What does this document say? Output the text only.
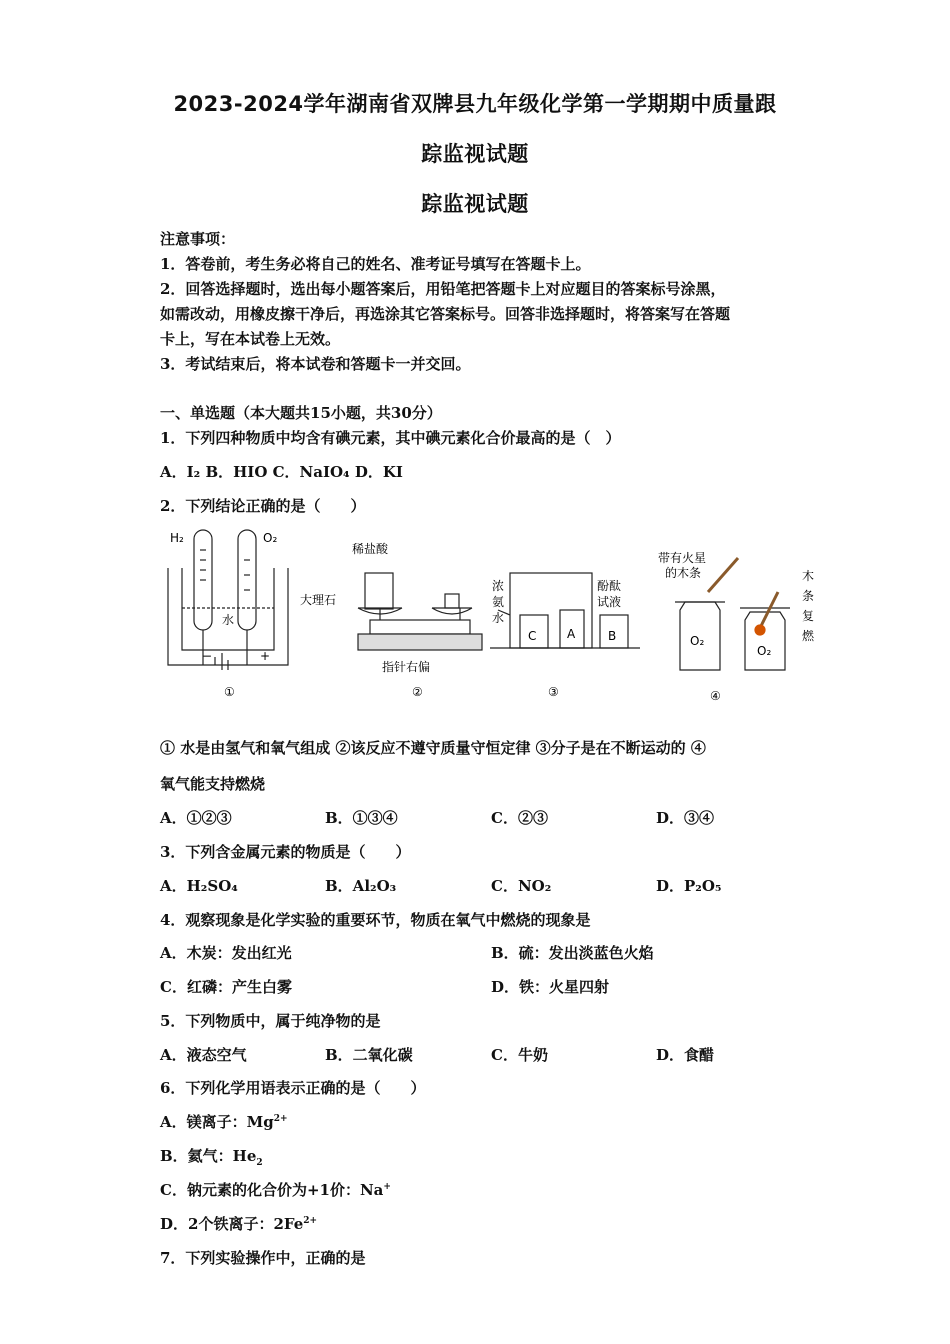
2023-2024学年湖南省双牌县九年级化学第一学期期中质量跟
踪监视试题
踪监视试题
注意事项：
1．答卷前，考生务必将自己的姓名、准考证号填写在答题卡上。
2．回答选择题时，选出每小题答案后，用铅笔把答题卡上对应题目的答案标号涂黑，
如需改动，用橡皮擦干净后，再选涂其它答案标号。回答非选择题时，将答案写在答题
卡上，写在本试卷上无效。
3．考试结束后，将本试卷和答题卡一并交回。
一、单选题（本大题共15小题，共30分）
1．下列四种物质中均含有碘元素，其中碘元素化合价最高的是（　）
A．I₂ B．HIO C．NaIO₄ D．KI
2．下列结论正确的是（　　）
H₂	O₂
水
−	+
①
稀盐酸
大理石
指针右偏
②
浓
氨
水
酚酞
试液
C	A	B
③
带有火星
的木条
O₂
O₂
木
条
复
燃
④
① 水是由氢气和氧气组成 ②该反应不遵守质量守恒定律 ③分子是在不断运动的 ④
氧气能支持燃烧
A．①②③	B．①③④	C．②③	D．③④
3．下列含金属元素的物质是（　　）
A．H₂SO₄	B．Al₂O₃	C．NO₂	D．P₂O₅
4．观察现象是化学实验的重要环节，物质在氧气中燃烧的现象是
A．木炭：发出红光	B．硫：发出淡蓝色火焰
C．红磷：产生白雾	D．铁：火星四射
5．下列物质中，属于纯净物的是
A．液态空气	B．二氧化碳	C．牛奶	D．食醋
6．下列化学用语表示正确的是（　　）
A．镁离子：$Mg^{2+}$
B．氦气：$He_2$
C．钠元素的化合价为+1价：Na+
D．2个铁离子：$2Fe^{2+}$
7．下列实验操作中，正确的是
